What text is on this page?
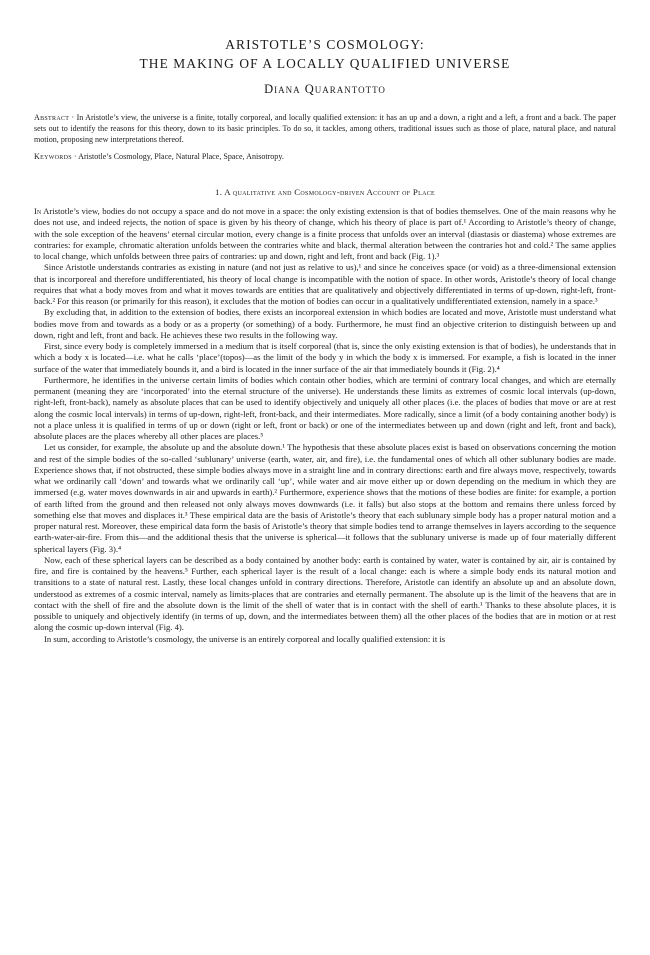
ARISTOTLE’S COSMOLOGY:
THE MAKING OF A LOCALLY QUALIFIED UNIVERSE
Diana Quarantotto

Abstract · In Aristotle’s view, the universe is a finite, totally corporeal, and locally qualified extension: it has an up and a down, a right and a left, a front and a back. The paper sets out to identify the reasons for this theory, down to its basic principles. To do so, it tackles, among others, traditional issues such as those of place, natural place, and natural motion, proposing new interpretations thereof.

Keywords · Aristotle’s Cosmology, Place, Natural Place, Space, Anisotropy.

1. A qualitative and Cosmology-driven Account of Place

In Aristotle’s view, bodies do not occupy a space and do not move in a space: the only existing extension is that of bodies themselves. One of the main reasons why he does not use, and indeed rejects, the notion of space is given by his theory of change, which his theory of place is part of.¹ According to Aristotle’s theory of change, with the sole exception of the heavens’ eternal circular motion, every change is a finite process that unfolds over an interval (diastasis or diastema) whose extremes are contraries: for example, chromatic alteration unfolds between the contraries white and black, thermal alteration between the contraries hot and cold.² The same applies to local change, which unfolds between three pairs of contraries: up and down, right and left, front and back (Fig. 1).³

Since Aristotle understands contraries as existing in nature (and not just as relative to us),¹ and since he conceives space (or void) as a three-dimensional extension that is incorporeal and therefore undifferentiated, his theory of local change is incompatible with the notion of space. In other words, Aristotle’s theory of local change requires that what a body moves from and what it moves towards are entities that are qualitatively and objectively differentiated in terms of up-down, right-left, front-back.² For this reason (or primarily for this reason), it excludes that the motion of bodies can occur in a qualitatively undifferentiated extension, namely in a space.³

By excluding that, in addition to the extension of bodies, there exists an incorporeal extension in which bodies are located and move, Aristotle must understand what bodies move from and towards as a body or as a property (or something) of a body. Furthermore, he must find an objective criterion to distinguish between up and down, right and left, front and back. He achieves these two results in the following way.

First, since every body is completely immersed in a medium that is itself corporeal (that is, since the only existing extension is that of bodies), he understands that in which a body x is located—i.e. what he calls ‘place’(topos)—as the limit of the body y in which the body x is immersed. For example, a fish is located in the inner surface of the water that immediately bounds it, and a bird is located in the inner surface of the air that immediately bounds it (Fig. 2).⁴

Furthermore, he identifies in the universe certain limits of bodies which contain other bodies, which are termini of contrary local changes, and which are eternally permanent (meaning they are ‘incorporated’ into the eternal structure of the universe). He understands these limits as extremes of cosmic local intervals (up-down, right-left, front-back), namely as absolute places that can be used to identify objectively and uniquely all other places (i.e. the places of bodies that move or are at rest along the cosmic local intervals) in terms of up-down, right-left, front-back, and their intermediates. More radically, since a limit (of a body containing another body) is not a place unless it is qualified in terms of up or down (right or left, front or back) or one of the intermediates between up and down (right and left, front and back), absolute places are the places whereby all other places are places.⁵

Let us consider, for example, the absolute up and the absolute down.¹ The hypothesis that these absolute places exist is based on observations concerning the motion and rest of the simple bodies of the so-called ‘sublunary’ universe (earth, water, air, and fire), i.e. the fundamental ones of which all other sublunary bodies are made. Experience shows that, if not obstructed, these simple bodies always move in a straight line and in contrary directions: earth and fire always move, respectively, towards what we ordinarily call ‘down’ and towards what we ordinarily call ‘up’, while water and air move either up or down depending on the medium in which they are immersed (e.g. water moves downwards in air and upwards in earth).² Furthermore, experience shows that the motions of these bodies are finite: for example, a portion of earth lifted from the ground and then released not only always moves downwards (i.e. it falls) but also stops at the bottom and remains there unless forced by something else that moves and displaces it.³ These empirical data are the basis of Aristotle’s theory that each sublunary simple body has a proper natural motion and a proper natural rest. Moreover, these empirical data form the basis of Aristotle’s theory that simple bodies tend to arrange themselves in layers according to the sequence earth-water-air-fire. From this—and the additional thesis that the universe is spherical—it follows that the sublunary universe is made up of four materially different spherical layers (Fig. 3).⁴

Now, each of these spherical layers can be described as a body contained by another body: earth is contained by water, water is contained by air, air is contained by fire, and fire is contained by the heavens.⁵ Further, each spherical layer is the result of a local change: each is where a simple body ends its natural motion and transitions to a state of natural rest. Lastly, these local changes unfold in contrary directions. Therefore, Aristotle can identify an absolute up and an absolute down, understood as extremes of a cosmic interval, namely as limits-places that are contraries and eternally permanent. The absolute up is the limit of the heavens that are in contact with the shell of fire and the absolute down is the limit of the shell of water that is in contact with the shell of earth.¹ Thanks to these absolute places, it is possible to uniquely and objectively identify (in terms of up, down, and the intermediates between them) all the other places of the bodies that are in motion or at rest along the cosmic up-down interval (Fig. 4).

In sum, according to Aristotle’s cosmology, the universe is an entirely corporeal and locally qualified extension: it is
